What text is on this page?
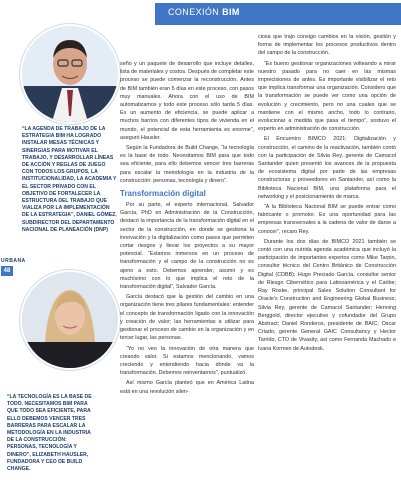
CONEXIÓN BIM
“LA AGENDA DE TRABAJO DE LA ESTRATEGIA BIM HA LOGRADO INSTALAR MESAS TÉCNICAS Y SINERGIAS PARA MOTIVAR EL TRABAJO, Y DESARROLLAR LÍNEAS DE ACCIÓN Y REGLAS DE JUEGO CON TODOS LOS GRUPOS, LA INSTITUCIONALIDAD, LA ACADEMIA Y EL SECTOR PRIVADO CON EL OBJETIVO DE FORTALECER LA ESTRUCTURA DEL TRABAJO QUE VIALIZA POR LA IMPLEMENTACIÓN DE LA ESTRATEGIA”, DANIEL GÓMEZ, SUBDIRECTOR DEL DEPARTAMENTO NACIONAL DE PLANEACIÓN (DNP)
URBANA
48
“LA TECNOLOGÍA ES LA BASE DE TODO. NECESITAMOS BIM PARA QUE TODO SEA EFICIENTE, PARA ELLO DEBEMOS VENCER TRES BARRERAS PARA ESCALAR LA METODOLOGÍA EN LA INDUSTRIA DE LA CONSTRUCCIÓN: PERSONAS, TECNOLOGÍA Y DINERO”, ELIZABETH HAUSLER, FUNDADORA Y CEO DE BUILD CHANGE.

seño y un paquete de desarrollo que incluye detalles, lista de materiales y costos. Después de completar este proceso se puede comenzar la reconstrucción. Antes de BIM también eran 5 días en este proceso, con pasos muy manuales. Ahora con el uso de BIM automatizamos y todo este proceso sólo tarda 5 días. Es un aumento de eficiencia, se puede aplicar a muchos barrios con diferentes tipos de vivienda en el mundo, el potencial de esta herramienta es enorme”, aseguró Hausler.

Según la Fundadora de Build Change, “la tecnología es la base de todo. Necesitamos BIM para que todo sea eficiente, para ello debemos vencer tres barreras para escalar la metodología en la industria de la construcción: personas, tecnología y dinero”.

Transformación digital

Por su parte, el experto internacional, Salvador García, PhD en Administración de la Construcción, destacó la importancia de la transformación digital en el sector de la construcción, en donde se gestiona la innovación y la digitalización como pasos que permiten cortar riesgos y llevar los proyectos a su mayor potencial. “Estamos inmersos en un proceso de transformación y el campo de la construcción no es ajeno a esto. Debemos aprender, asumir y es muchísimo con lo que implica el reto de la transformación digital”, Salvador García.

García destacó que la gestión del cambio en una organización tiene tres pilares fundamentales: entender el concepto de transformación ligado con la innovación y creación de valor; las herramientas a utilizar para gestionar el proceso de cambio en la organización y en tercer lugar, las personas.

“Yo no veo la innovación de otra manera que creando valor. Si estamos mencionando, vamos creciendo y entendiendo hacia dónde va la transformación. Debemos reinventarnos”, puntualizó.

Así mismo García planteó que en América Latina está en una revolución silen-

ciosa que trajo consigo cambios en la visión, gestión y forma de implementar los procesos productivos dentro del campo de la construcción.

“Es bueno gestionar organizaciones volteando a mirar nuestro pasado para no caer en las mismas imprecisiones de antes. Es importante visibilizar el reto que implica transformar una organización. Considero que la transformación se puede ver como una opción de evolución y crecimiento, pero no una cuales que se mantiene con el mismo ancho, todo lo contrario, evolucionar a medida que pasa el tiempo”, sostuvo el experto en administración de construcción.

El Encuentro BIMCO 2021: Digitalización y construcción, el camino de la reactivación, también contó con la participación de Silvia Rey, gerente de Camacol Santander quien presentó los avances de la propuesta de ecosistema digital por parte de las empresas constructoras y proveedores en Santander, así como la Biblioteca Nacional BIM, una plataforma para el networking y el posicionamiento de marca.

“A la Biblioteca Nacional BIM se puede entrar como fabricante o promotor. Es una oportunidad para las empresas transversales a la cadena de valor de darse a conocer”, recaro Rey.

Durante los dos días de BIMCO 2021 también se contó con una nutrida agenda académica que incluyó la participación de importantes expertos como Mike Tarpin, consultor técnico del Centro Británico de Construcción Digital (CDBB); Hugo Preciado García, consultor senior de Riesgo Cibernético para Latinoamérica y el Caribe; Ray Roske, principal Sales Solution Consultant for Oracle's Construction and Engineering Global Business; Silvia Rey, gerente de Camacol Santander; Henning Berggold, director ejecutivo y cofundador del Grupo Abstract; Daniel Ronderos, presidente de BAIC; Oscar Criado, gerente General GAIC Consultancy y Hector Tarrido, CTO de Vivasity, así como Fernanda Machado e Ivana Kormen de Autodesk.
